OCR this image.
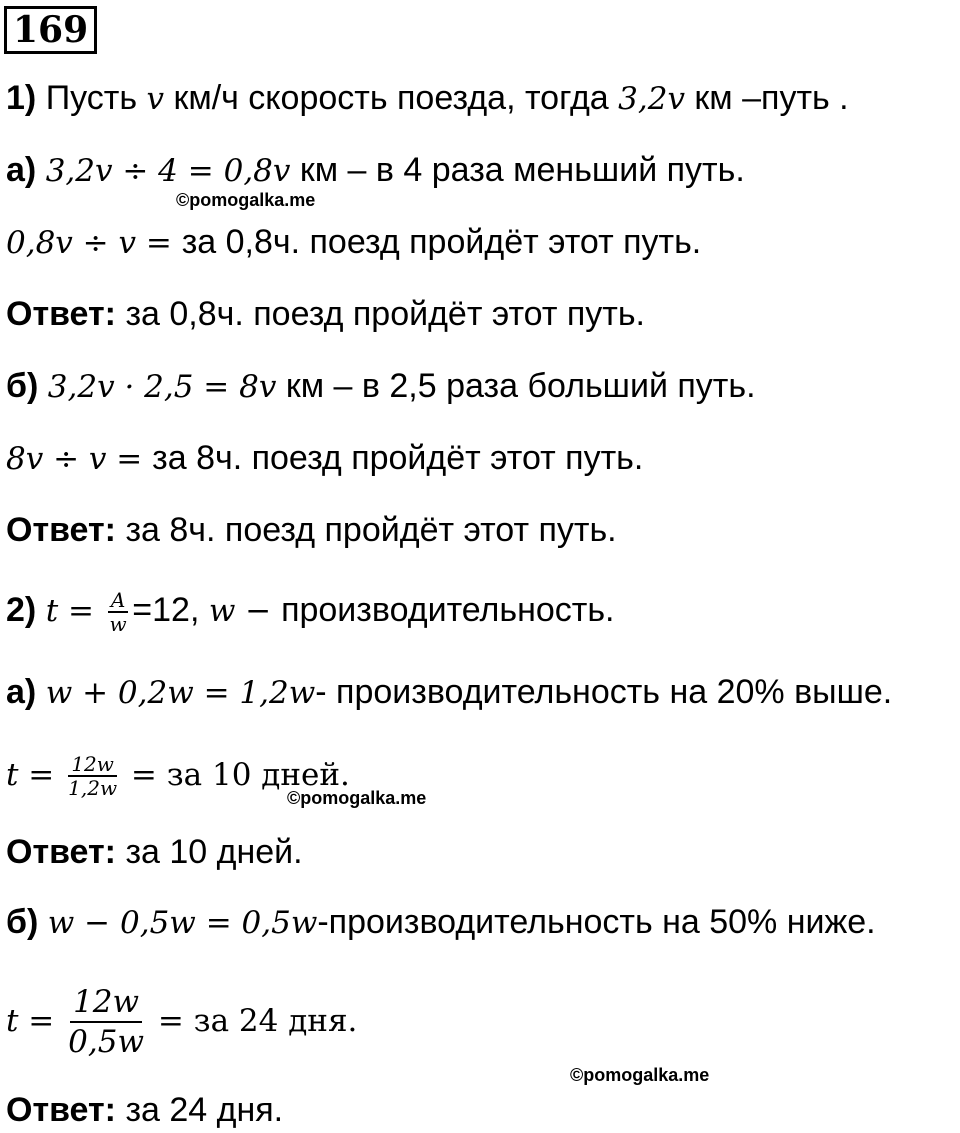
169
1) Пусть v км/ч скорость поезда, тогда 3,2v км –путь .
а) 3,2v ÷ 4 = 0,8v км – в 4 раза меньший путь.
©pomogalka.me
0,8v ÷ v = за 0,8ч. поезд пройдёт этот путь.
Ответ: за 0,8ч. поезд пройдёт этот путь.
б) 3,2v · 2,5 = 8v км – в 2,5 раза больший путь.
8v ÷ v = за 8ч. поезд пройдёт этот путь.
Ответ: за 8ч. поезд пройдёт этот путь.
2) $t = \frac{A}{w} =12$, w − производительность.
а) w + 0,2w = 1,2w- производительность на 20% выше.
$t = \frac{12w}{1,2w}$ = за 10 дней.
©pomogalka.me
Ответ: за 10 дней.
б) w − 0,5w = 0,5w-производительность на 50% ниже.
$t = \frac{12w}{0,5w}$ = за 24 дня.
©pomogalka.me
Ответ: за 24 дня.
